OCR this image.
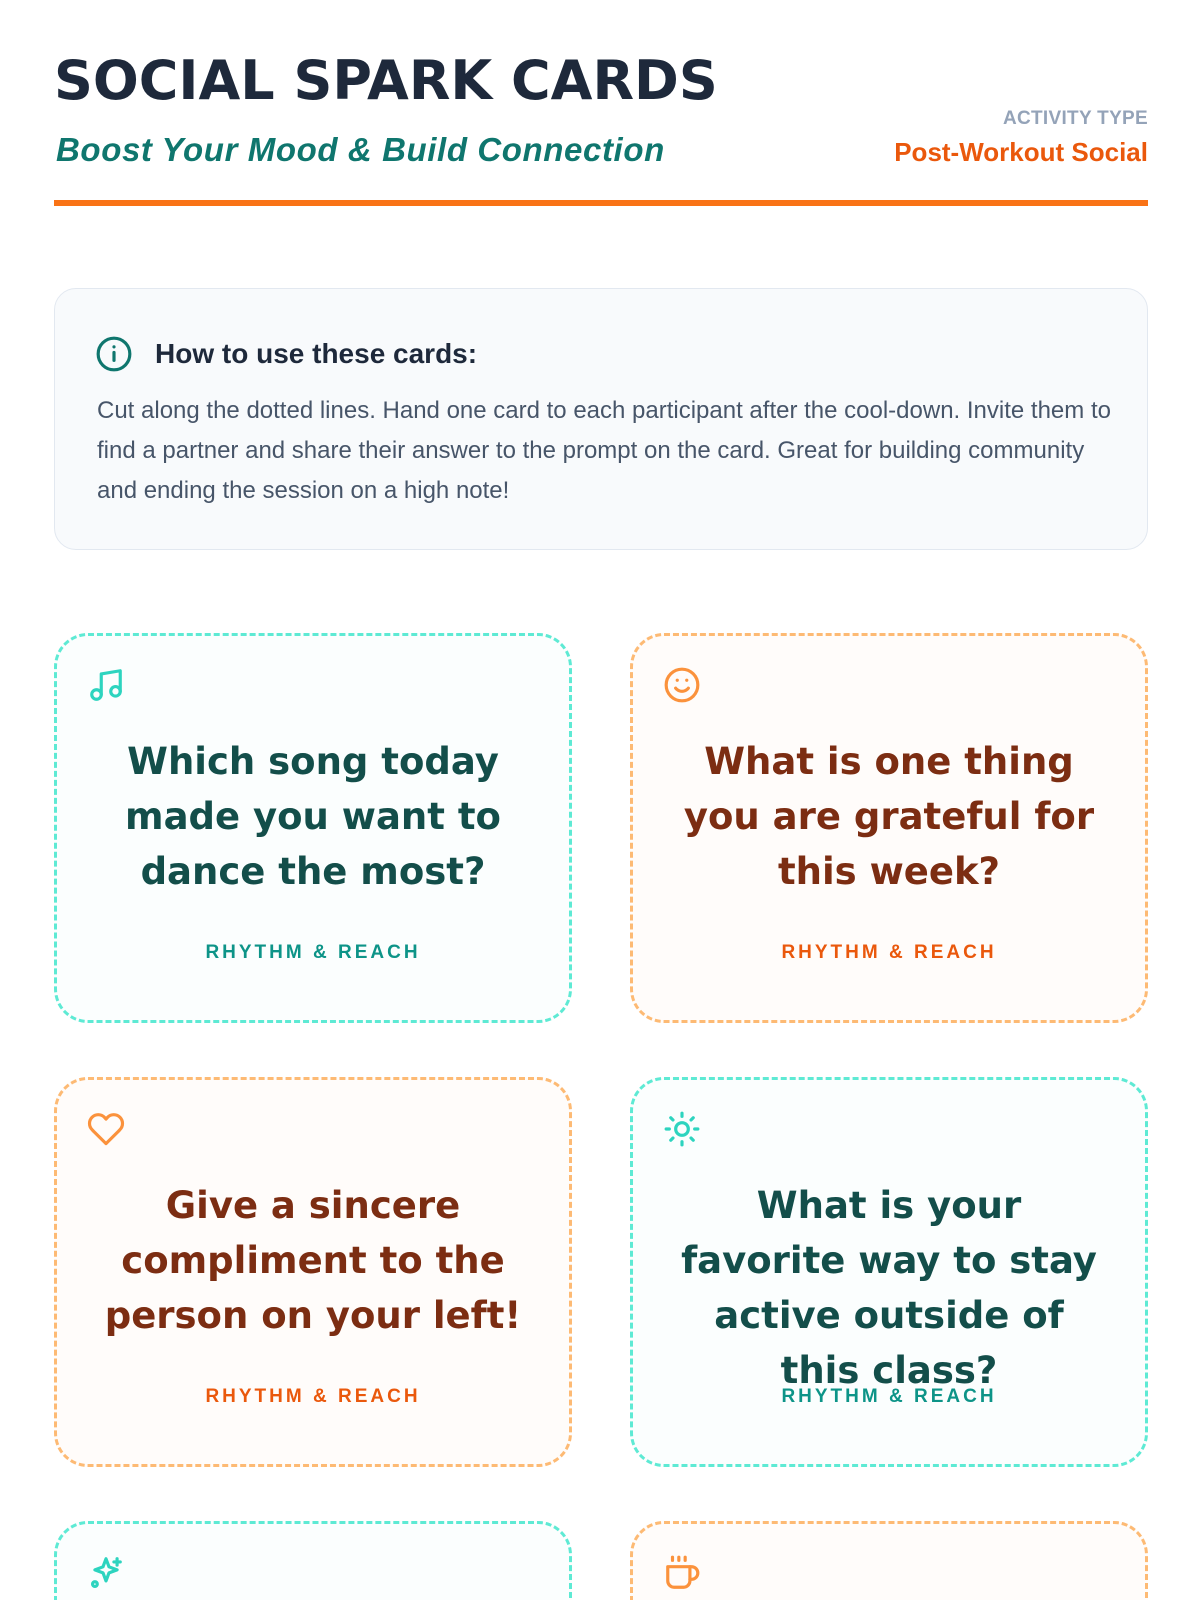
SOCIAL SPARK CARDS
Boost Your Mood & Build Connection
ACTIVITY TYPE
Post-Workout Social
How to use these cards:

Cut along the dotted lines. Hand one card to each participant after the cool-down. Invite them to find a partner and share their answer to the prompt on the card. Great for building community and ending the session on a high note!

Which song today made you want to dance the most?

RHYTHM & REACH

What is one thing you are grateful for this week?

RHYTHM & REACH

Give a sincere compliment to the person on your left!

RHYTHM & REACH

What is your favorite way to stay active outside of this class?

RHYTHM & REACH
